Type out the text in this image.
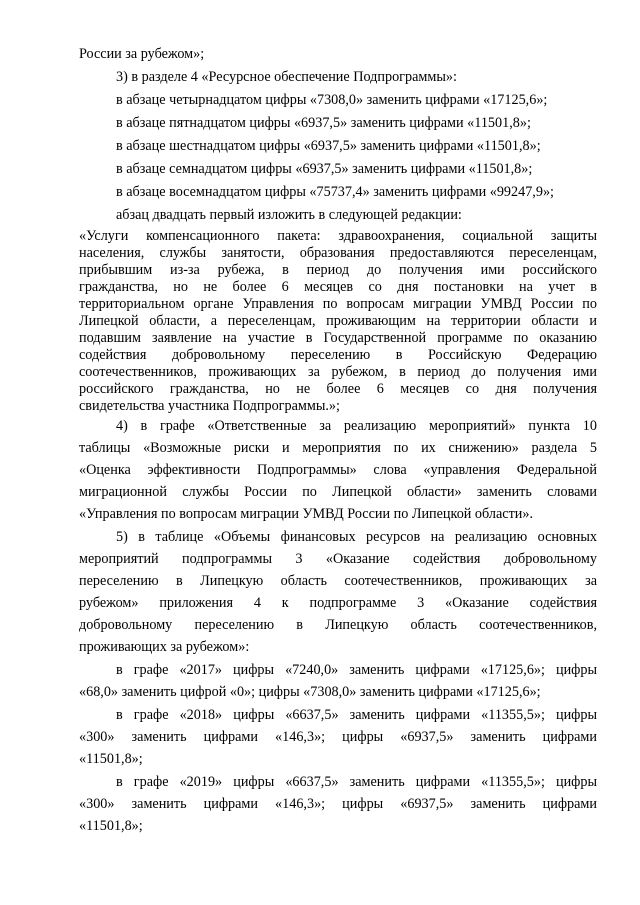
России за рубежом»;
3) в разделе 4 «Ресурсное обеспечение Подпрограммы»:
в абзаце четырнадцатом цифры «7308,0» заменить цифрами «17125,6»;
в абзаце пятнадцатом цифры «6937,5» заменить цифрами «11501,8»;
в абзаце шестнадцатом цифры «6937,5» заменить цифрами «11501,8»;
в абзаце семнадцатом цифры «6937,5» заменить цифрами «11501,8»;
в абзаце восемнадцатом цифры «75737,4» заменить цифрами «99247,9»;
абзац двадцать первый изложить в следующей редакции:
«Услуги компенсационного пакета: здравоохранения, социальной защиты
населения, службы занятости, образования предоставляются переселенцам,
прибывшим из-за рубежа, в период до получения ими российского
гражданства, но не более 6 месяцев со дня постановки на учет в
территориальном органе Управления по вопросам миграции УМВД России по
Липецкой области, а переселенцам, проживающим на территории области и
подавшим заявление на участие в Государственной программе по оказанию
содействия добровольному переселению в Российскую Федерацию
соотечественников, проживающих за рубежом, в период до получения ими
российского гражданства, но не более 6 месяцев со дня получения
свидетельства участника Подпрограммы.»;
4) в графе «Ответственные за реализацию мероприятий» пункта 10
таблицы «Возможные риски и мероприятия по их снижению» раздела 5
«Оценка эффективности Подпрограммы» слова «управления Федеральной
миграционной службы России по Липецкой области» заменить словами
«Управления по вопросам миграции УМВД России по Липецкой области».
5) в таблице «Объемы финансовых ресурсов на реализацию основных
мероприятий подпрограммы 3 «Оказание содействия добровольному
переселению в Липецкую область соотечественников, проживающих за
рубежом» приложения 4 к подпрограмме 3 «Оказание содействия
добровольному переселению в Липецкую область соотечественников,
проживающих за рубежом»:
в графе «2017» цифры «7240,0» заменить цифрами «17125,6»; цифры
«68,0» заменить цифрой «0»; цифры «7308,0» заменить цифрами «17125,6»;
в графе «2018» цифры «6637,5» заменить цифрами «11355,5»; цифры
«300» заменить цифрами «146,3»; цифры «6937,5» заменить цифрами
«11501,8»;
в графе «2019» цифры «6637,5» заменить цифрами «11355,5»; цифры
«300» заменить цифрами «146,3»; цифры «6937,5» заменить цифрами
«11501,8»;
